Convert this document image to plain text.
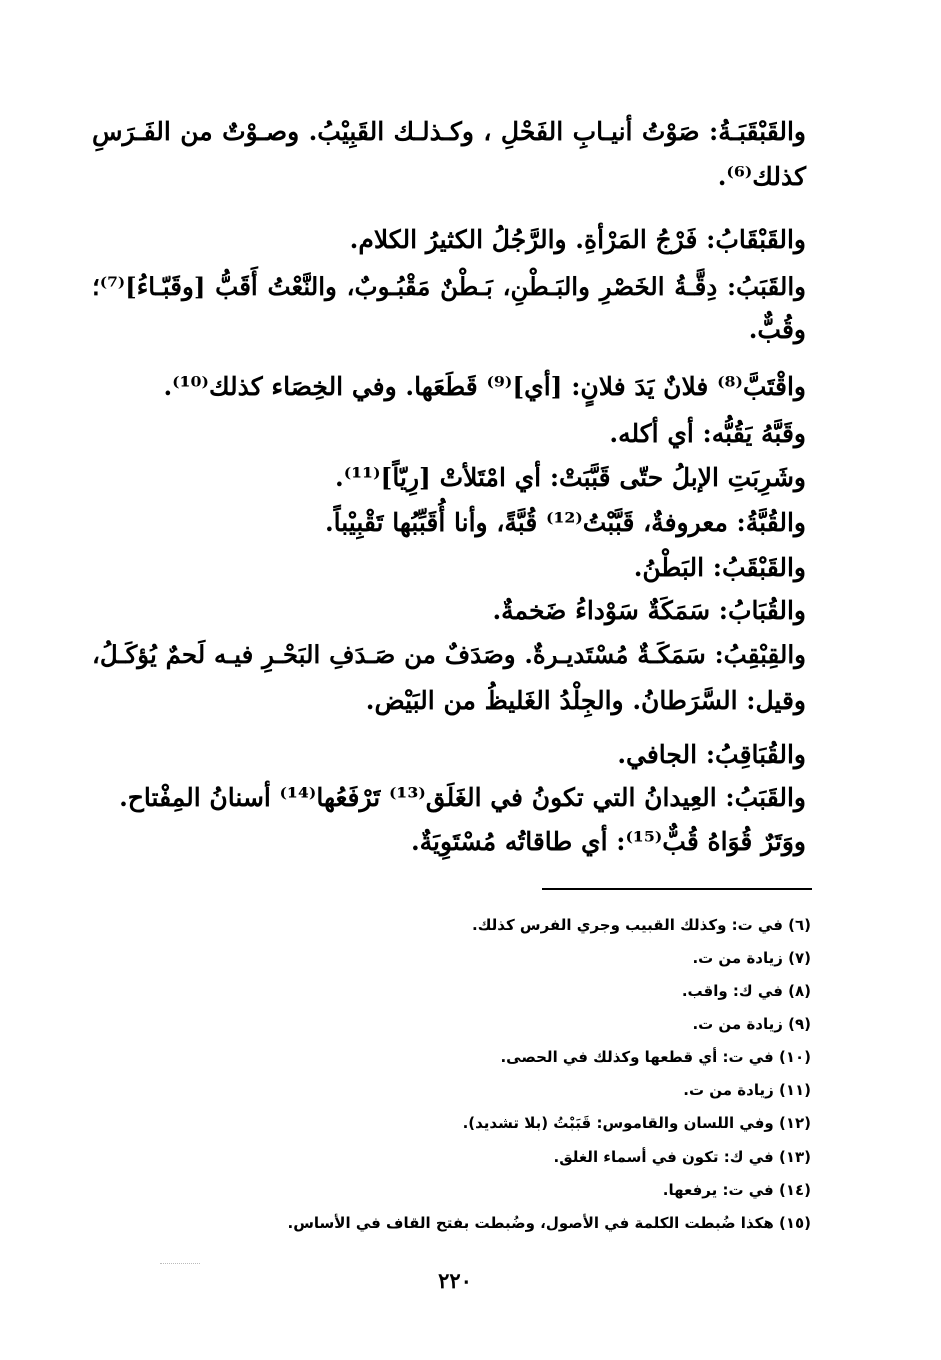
والقَبْقَبَـةُ: صَوْتُ أنيـابِ الفَحْلِ ، وكـذلـك القَبِيْبُ. وصـوْتٌ من الفَـرَسِ
كذلك⁽⁶⁾.
والقَبْقَابُ: فَرْجُ المَرْأةِ. والرَّجُلُ الكثيرُ الكلام.
والقَبَبُ: دِقَّـةُ الخَصْرِ والبَـطْنِ، بَـطْنٌ مَقْبُـوبٌ، والنَّعْتُ أَقَبُّ [وقَبّـاءُ]⁽⁷⁾؛
وقُبٌّ.
واقْتَبَّ⁽⁸⁾ فلانٌ يَدَ فلانٍ: [أي]⁽⁹⁾ قَطَعَها. وفي الخِصَاء كذلك⁽¹⁰⁾.
وقَبَّهُ يَقُبُّه: أي أكله.
وشَرِبَتِ الإبلُ حتّى قَبَّبَتْ: أي امْتَلأتْ [رِيّاً]⁽¹¹⁾.
والقُبَّةُ: معروفةٌ، قَبَّبْتُ⁽¹²⁾ قُبَّةً، وأنا أُقَبِّبُها تَقْبِيْباً.
والقَبْقَبُ: البَطْنُ.
والقُبَابُ: سَمَكَةٌ سَوْداءُ ضَخمةٌ.
والقِبْقِبُ: سَمَكَـةٌ مُسْتَديـرةٌ. وصَدَفٌ من صَـدَفِ البَحْـرِ فيـه لَحمٌ يُؤكَـلُ،
وقيل: السَّرَطانُ. والجِلْدُ الغَليظُ من البَيْض.
والقُبَاقِبُ: الجافي.
والقَبَبُ: العِيدانُ التي تكونُ في الغَلَق⁽¹³⁾ تَرْفَعُها⁽¹⁴⁾ أسنانُ المِفْتاح.
ووَتَرٌ قُوَاهُ قُبٌّ⁽¹⁵⁾: أي طاقاتُه مُسْتَوِيَةٌ.
(٦) في ت: وكذلك القبيب وجري الفرس كذلك.
(٧) زيادة من ت.
(٨) في ك: واقب.
(٩) زيادة من ت.
(١٠) في ت: أي قطعها وكذلك في الحصى.
(١١) زيادة من ت.
(١٢) وفي اللسان والقاموس: قَبَبْتُ (بلا تشديد).
(١٣) في ك: تكون في أسماء الغلق.
(١٤) في ت: يرفعها.
(١٥) هكذا ضُبطت الكلمة في الأصول، وضُبطت بفتح القاف في الأساس.
٢٢٠
